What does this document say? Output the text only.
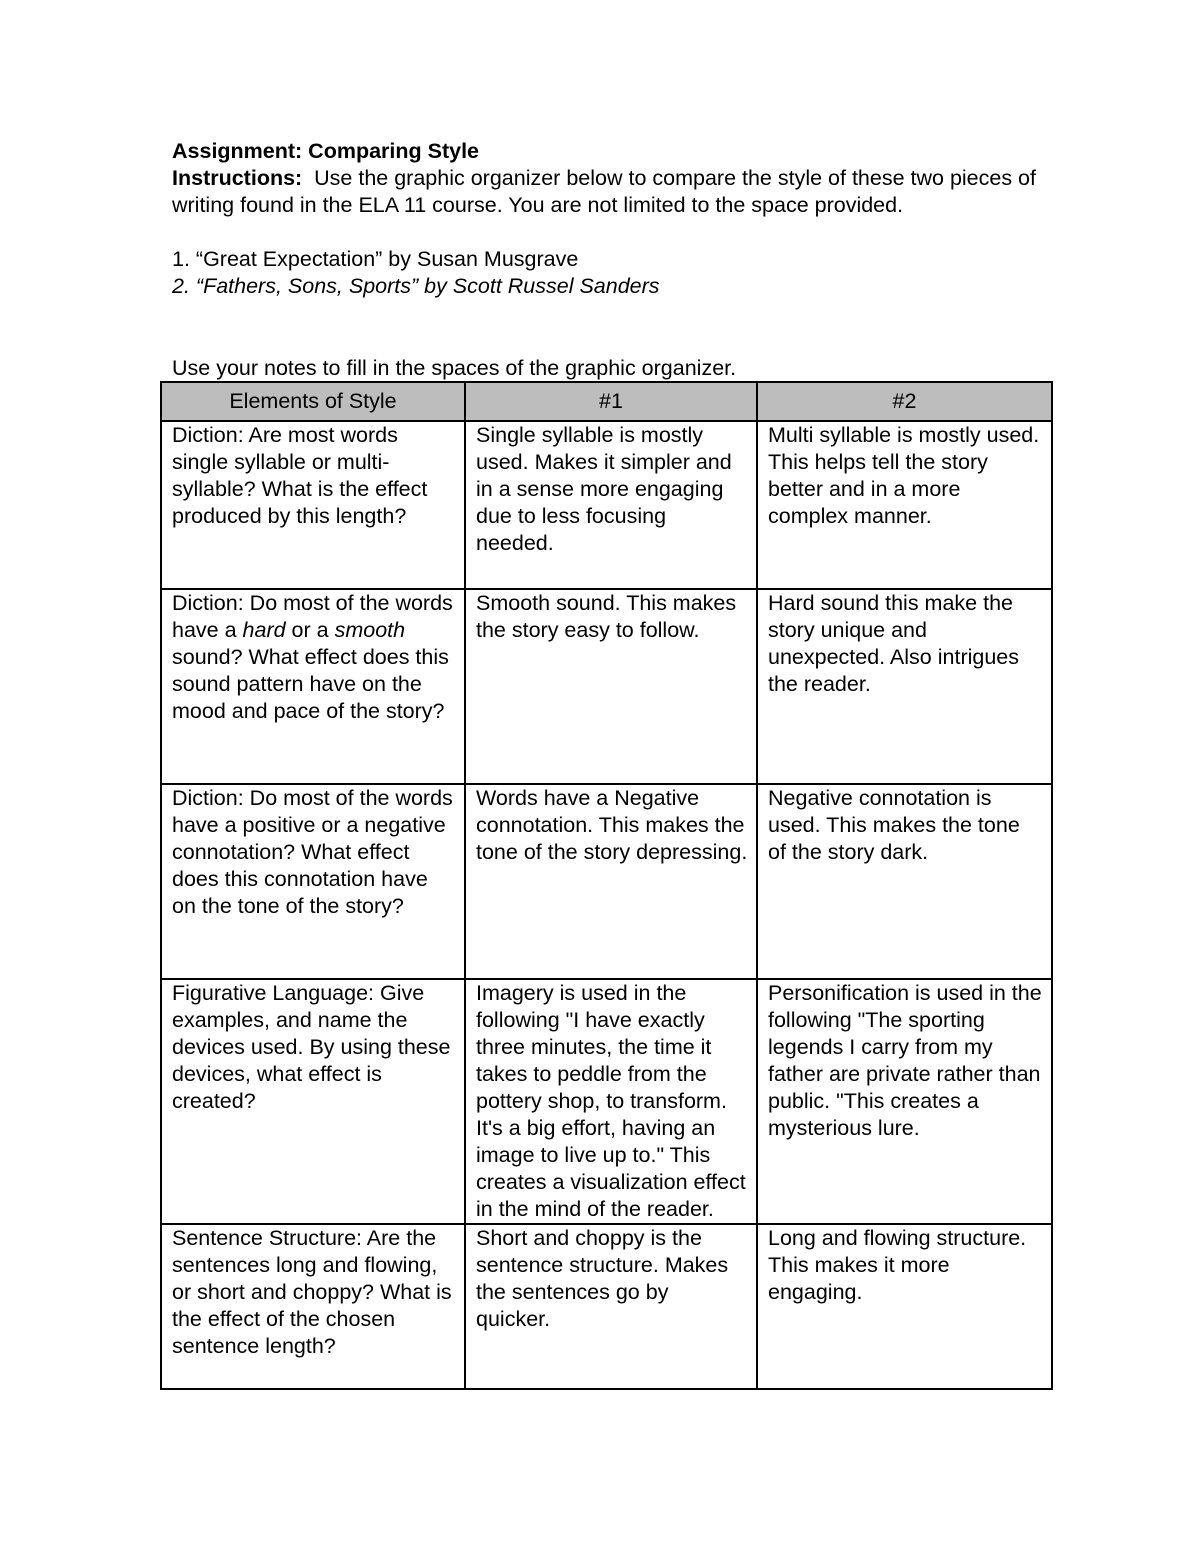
Assignment: Comparing Style

Instructions: Use the graphic organizer below to compare the style of these two pieces of writing found in the ELA 11 course. You are not limited to the space provided.

1. “Great Expectation” by Susan Musgrave

2. “Fathers, Sons, Sports” by Scott Russel Sanders

Use your notes to fill in the spaces of the graphic organizer.
Elements of Style	#1	#2
Diction: Are most words single syllable or multi-syllable? What is the effect produced by this length?	Single syllable is mostly used. Makes it simpler and in a sense more engaging due to less focusing needed.	Multi syllable is mostly used. This helps tell the story better and in a more complex manner.
Diction: Do most of the words have a hard or a smooth sound? What effect does this sound pattern have on the mood and pace of the story?	Smooth sound. This makes the story easy to follow.	Hard sound this make the story unique and unexpected. Also intrigues the reader.
Diction: Do most of the words have a positive or a negative connotation? What effect does this connotation have on the tone of the story?	Words have a Negative connotation. This makes the tone of the story depressing.	Negative connotation is used. This makes the tone of the story dark.
Figurative Language: Give examples, and name the devices used. By using these devices, what effect is created?	Imagery is used in the following "I have exactly three minutes, the time it takes to peddle from the pottery shop, to transform. It's a big effort, having an image to live up to." This creates a visualization effect in the mind of the reader.	Personification is used in the following "The sporting legends I carry from my father are private rather than public. "This creates a mysterious lure.
Sentence Structure: Are the sentences long and flowing, or short and choppy? What is the effect of the chosen sentence length?	Short and choppy is the sentence structure. Makes the sentences go by quicker.	Long and flowing structure. This makes it more engaging.
